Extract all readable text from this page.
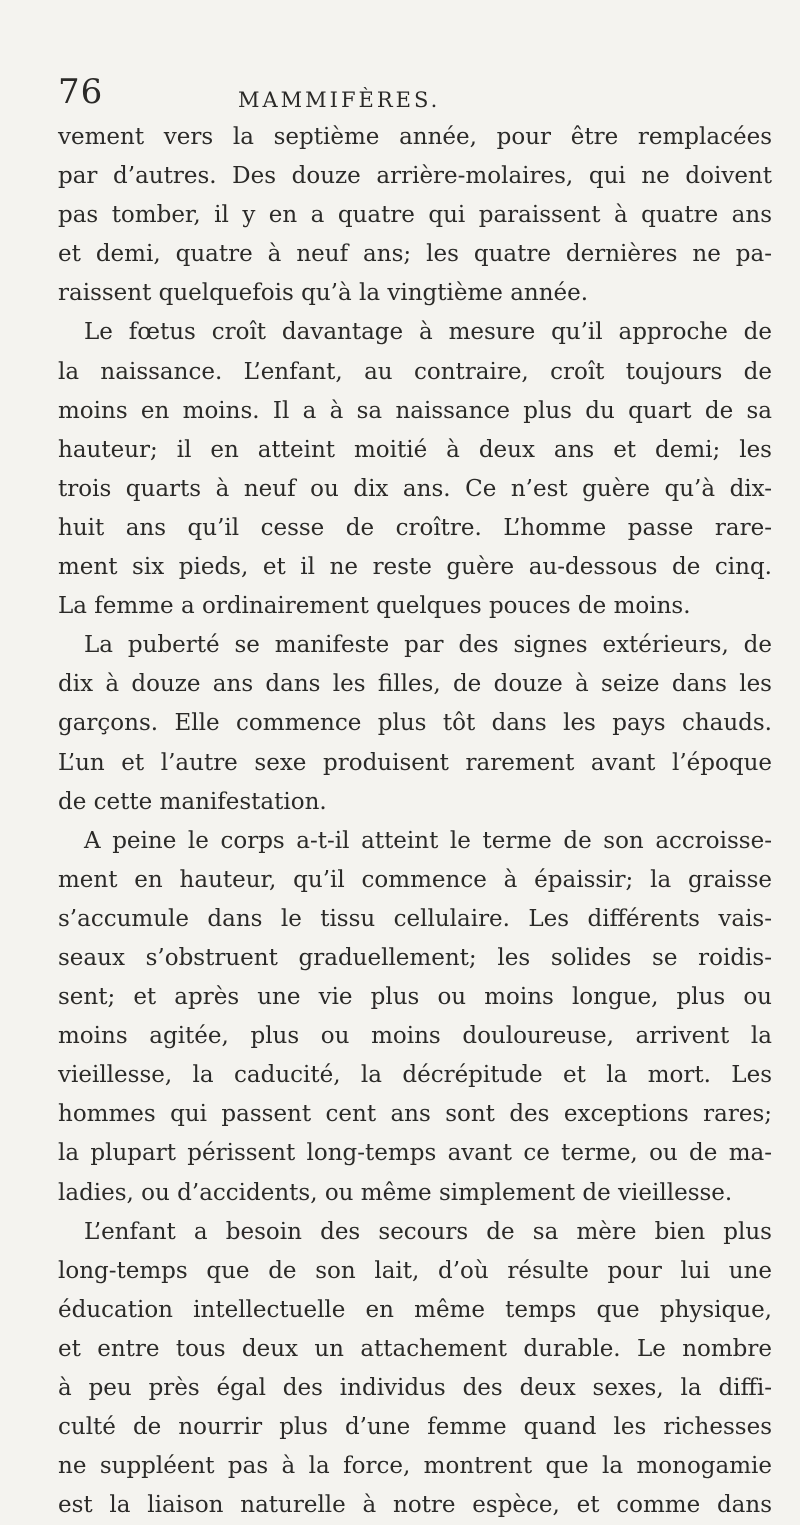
76	MAMMIFÈRES.
vement vers la septième année, pour être remplacées
par d’autres. Des douze arrière-molaires, qui ne doivent
pas tomber, il y en a quatre qui paraissent à quatre ans
et demi, quatre à neuf ans; les quatre dernières ne pa-
raissent quelquefois qu’à la vingtième année.
Le fœtus croît davantage à mesure qu’il approche de
la naissance. L’enfant, au contraire, croît toujours de
moins en moins. Il a à sa naissance plus du quart de sa
hauteur; il en atteint moitié à deux ans et demi; les
trois quarts à neuf ou dix ans. Ce n’est guère qu’à dix-
huit ans qu’il cesse de croître. L’homme passe rare-
ment six pieds, et il ne reste guère au-dessous de cinq.
La femme a ordinairement quelques pouces de moins.
La puberté se manifeste par des signes extérieurs, de
dix à douze ans dans les filles, de douze à seize dans les
garçons. Elle commence plus tôt dans les pays chauds.
L’un et l’autre sexe produisent rarement avant l’époque
de cette manifestation.
A peine le corps a-t-il atteint le terme de son accroisse-
ment en hauteur, qu’il commence à épaissir; la graisse
s’accumule dans le tissu cellulaire. Les différents vais-
seaux s’obstruent graduellement; les solides se roidis-
sent; et après une vie plus ou moins longue, plus ou
moins agitée, plus ou moins douloureuse, arrivent la
vieillesse, la caducité, la décrépitude et la mort. Les
hommes qui passent cent ans sont des exceptions rares;
la plupart périssent long-temps avant ce terme, ou de ma-
ladies, ou d’accidents, ou même simplement de vieillesse.
L’enfant a besoin des secours de sa mère bien plus
long-temps que de son lait, d’où résulte pour lui une
éducation intellectuelle en même temps que physique,
et entre tous deux un attachement durable. Le nombre
à peu près égal des individus des deux sexes, la diffi-
culté de nourrir plus d’une femme quand les richesses
ne suppléent pas à la force, montrent que la monogamie
est la liaison naturelle à notre espèce, et comme dans
